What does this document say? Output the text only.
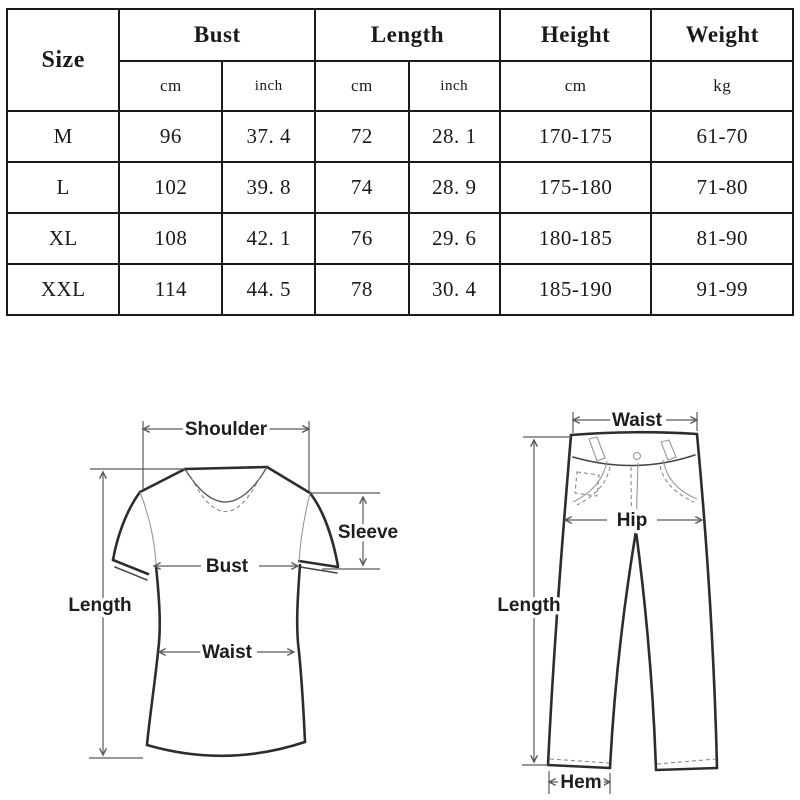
Size	Bust		Length		Height	Weight
	cm	inch	cm	inch	cm	kg
M	96	37. 4	72	28. 1	170-175	61-70
L	102	39. 8	74	28. 9	175-180	71-80
XL	108	42. 1	76	29. 6	180-185	81-90
XXL	114	44. 5	78	30. 4	185-190	91-99
Shoulder
Length
Sleeve
Bust
Waist
Waist
Hip
Length
Hem
